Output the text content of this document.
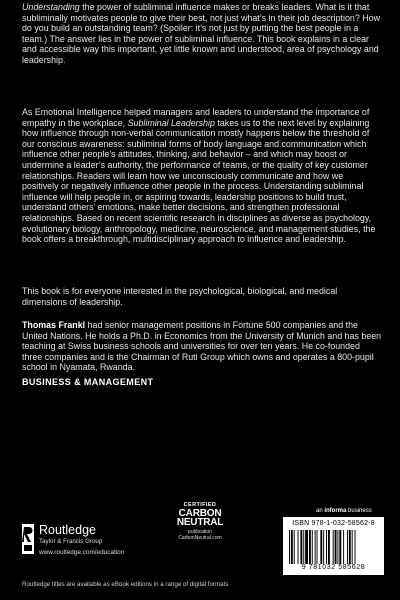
Understanding the power of subliminal influence makes or breaks leaders. What is it that subliminally motivates people to give their best, not just what’s in their job description? How do you build an outstanding team? (Spoiler: it’s not just by putting the best people in a team.) The answer lies in the power of subliminal influence. This book explains in a clear and accessible way this important, yet little known and understood, area of psychology and leadership.

As Emotional Intelligence helped managers and leaders to understand the importance of empathy in the workplace, Subliminal Leadership takes us to the next level by explaining how influence through non-verbal communication mostly happens below the threshold of our conscious awareness: subliminal forms of body language and communication which influence other people’s attitudes, thinking, and behavior – and which may boost or undermine a leader’s authority, the performance of teams, or the quality of key customer relationships. Readers will learn how we unconsciously communicate and how we positively or negatively influence other people in the process. Understanding subliminal influence will help people in, or aspiring towards, leadership positions to build trust, understand others’ emotions, make better decisions, and strengthen professional relationships. Based on recent scientific research in disciplines as diverse as psychology, evolutionary biology, anthropology, medicine, neuroscience, and management studies, the book offers a breakthrough, multidisciplinary approach to influence and leadership.

This book is for everyone interested in the psychological, biological, and medical dimensions of leadership.

Thomas Frankl had senior management positions in Fortune 500 companies and the United Nations. He holds a Ph.D. in Economics from the University of Munich and has been teaching at Swiss business schools and universities for over ten years. He co-founded three companies and is the Chairman of Ruti Group which owns and operates a 800-pupil school in Nyamata, Rwanda.

BUSINESS & MANAGEMENT
Routledge
Taylor & Francis Group
www.routledge.com/education
CERTIFIED
CARBON
NEUTRAL
publication
CarbonNeutral.com
an informa business
ISBN 978-1-032-58562-8
9 781032 585628
Routledge titles are available as eBook editions in a range of digital formats
